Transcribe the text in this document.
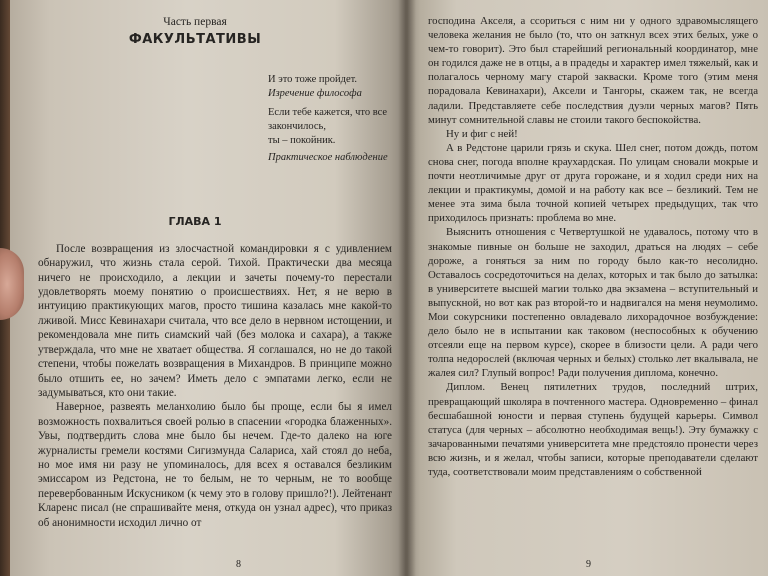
Часть первая
ФАКУЛЬТАТИВЫ
И это тоже пройдет.
Изречение философа
Если тебе кажется, что все закончилось,
ты – покойник.
Практическое наблюдение
ГЛАВА 1

После возвращения из злосчастной командировки я с удивлением обнаружил, что жизнь стала серой. Тихой. Практически два месяца ничего не происходило, а лекции и зачеты почему-то перестали удовлетворять моему понятию о происшествиях. Нет, я не верю в интуицию практикующих магов, просто тишина казалась мне какой-то лживой. Мисс Кевинахари считала, что все дело в нервном истощении, и рекомендовала мне пить сиамский чай (без молока и сахара), а также утверждала, что мне не хватает общества. Я соглашался, но не до такой степени, чтобы пожелать возвращения в Михандров. В принципе можно было отшить ее, но зачем? Иметь дело с эмпатами легко, если не задумываться, кто они такие.

Наверное, развеять меланхолию было бы проще, если бы я имел возможность похвалиться своей ролью в спасении «городка блаженных». Увы, подтвердить слова мне было бы нечем. Где-то далеко на юге журналисты гремели костями Сигизмунда Салариса, хай стоял до неба, но мое имя ни разу не упоминалось, для всех я оставался безликим эмиссаром из Редстона, не то белым, не то черным, не то вообще перевербованным Искусником (к чему это в голову пришло?!). Лейтенант Кларенс писал (не спрашивайте меня, откуда он узнал адрес), что приказ об анонимности исходил лично от

8

господина Акселя, а ссориться с ним ни у одного здравомыслящего человека желания не было (то, что он заткнул всех этих белых, уже о чем-то говорит). Это был старейший региональный координатор, мне он годился даже не в отцы, а в прадеды и характер имел тяжелый, как и полагалось черному магу старой закваски. Кроме того (этим меня порадовала Кевинахари), Аксели и Тангоры, скажем так, не всегда ладили. Представляете себе последствия дуэли черных магов? Пять минут сомнительной славы не стоили такого беспокойства.

Ну и фиг с ней!

А в Редстоне царили грязь и скука. Шел снег, потом дождь, потом снова снег, погода вполне краухардская. По улицам сновали мокрые и почти неотличимые друг от друга горожане, и я ходил среди них на лекции и практикумы, домой и на работу как все – безликий. Тем не менее эта зима была точной копией четырех предыдущих, так что приходилось признать: проблема во мне.

Выяснить отношения с Четвертушкой не удавалось, потому что в знакомые пивные он больше не заходил, драться на людях – себе дороже, а гоняться за ним по городу было как-то несолидно. Оставалось сосредоточиться на делах, которых и так было до затылка: в университете высшей магии только два экзамена – вступительный и выпускной, но вот как раз второй-то и надвигался на меня неумолимо. Мои сокурсники постепенно овладевало лихорадочное возбуждение: дело было не в испытании как таковом (неспособных к обучению отсеяли еще на первом курсе), скорее в близости цели. А ради чего толпа недорослей (включая черных и белых) столько лет вкалывала, не жалея сил? Глупый вопрос! Ради получения диплома, конечно.

Диплом. Венец пятилетних трудов, последний штрих, превращающий школяра в почтенного мастера. Одновременно – финал бесшабашной юности и первая ступень будущей карьеры. Символ статуса (для черных – абсолютно необходимая вещь!). Эту бумажку с зачарованными печатями университета мне предстояло пронести через всю жизнь, и я желал, чтобы записи, которые преподаватели сделают туда, соответствовали моим представлениям о собственной

9
